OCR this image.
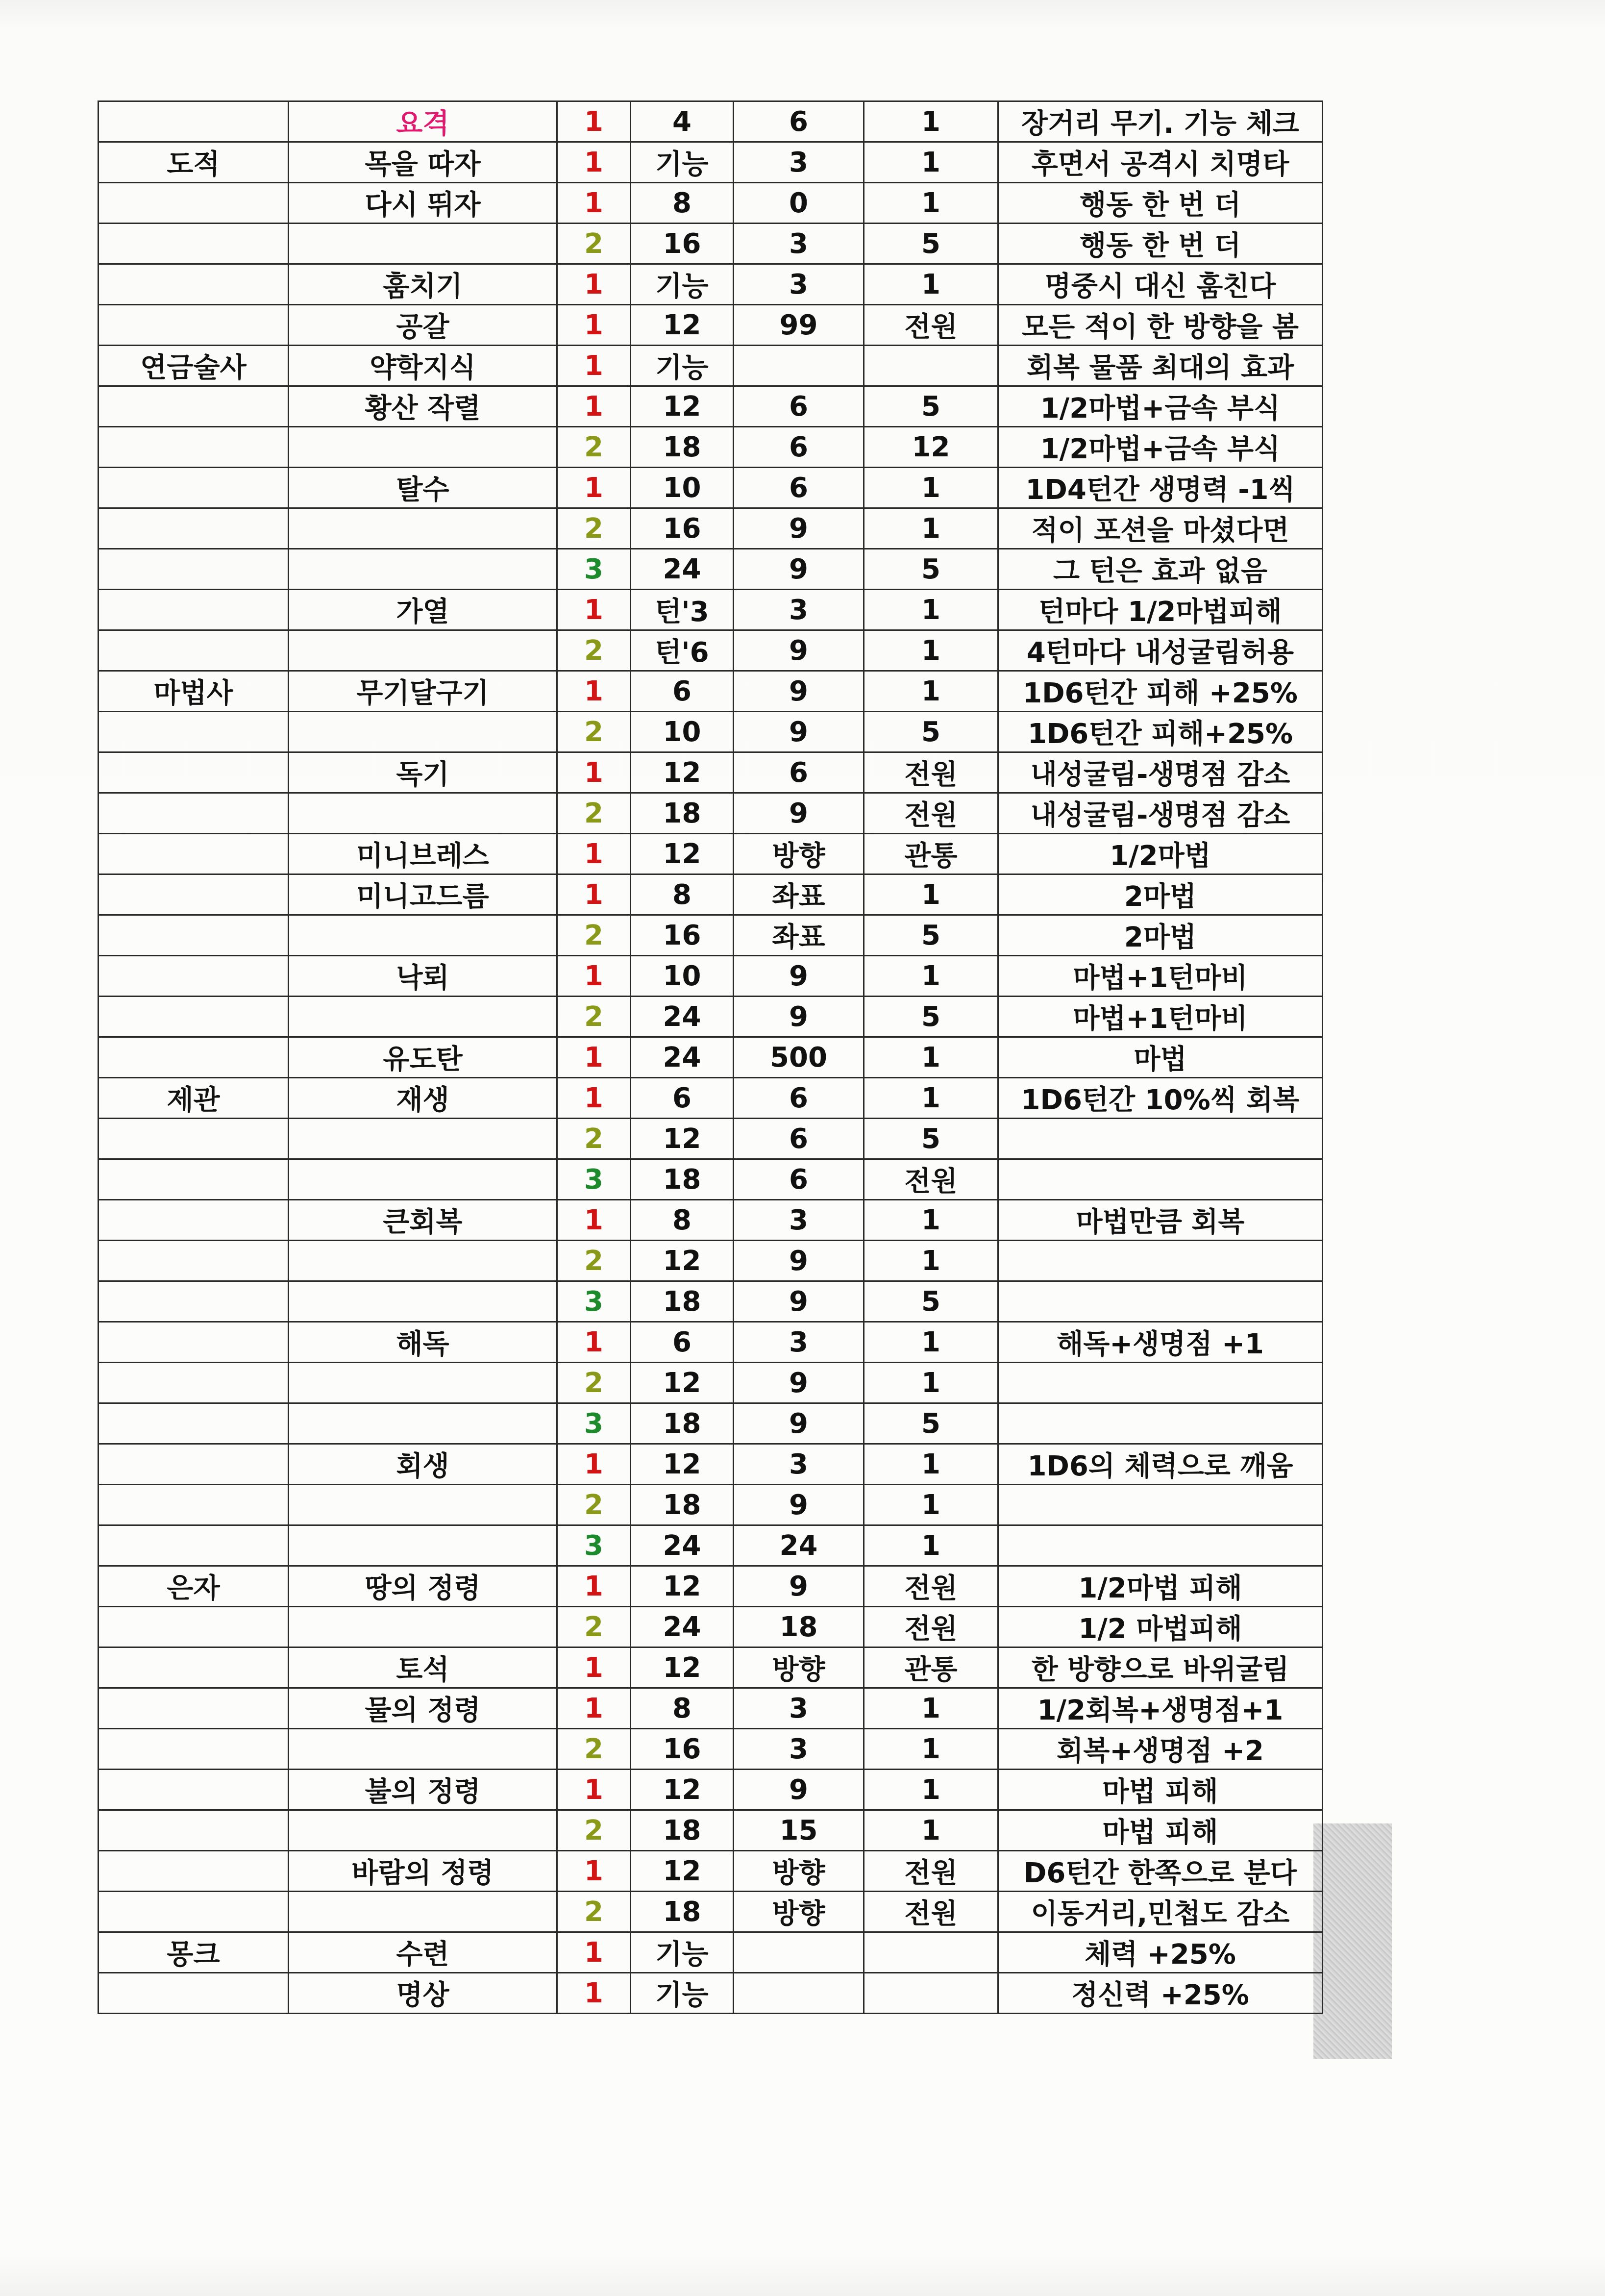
	요격	1	4	6	1	장거리 무기. 기능 체크
도적	목을 따자	1	기능	3	1	후면서 공격시 치명타
	다시 뛰자	1	8	0	1	행동 한 번 더
		2	16	3	5	행동 한 번 더
	훔치기	1	기능	3	1	명중시 대신 훔친다
	공갈	1	12	99	전원	모든 적이 한 방향을 봄
연금술사	약학지식	1	기능			회복 물품 최대의 효과
	황산 작렬	1	12	6	5	1/2마법+금속 부식
		2	18	6	12	1/2마법+금속 부식
	탈수	1	10	6	1	1D4턴간 생명력 -1씩
		2	16	9	1	적이 포션을 마셨다면
		3	24	9	5	그 턴은 효과 없음
	가열	1	턴'3	3	1	턴마다 1/2마법피해
		2	턴'6	9	1	4턴마다 내성굴림허용
마법사	무기달구기	1	6	9	1	1D6턴간 피해 +25%
		2	10	9	5	1D6턴간 피해+25%
	독기	1	12	6	전원	내성굴림-생명점 감소
		2	18	9	전원	내성굴림-생명점 감소
	미니브레스	1	12	방향	관통	1/2마법
	미니고드름	1	8	좌표	1	2마법
		2	16	좌표	5	2마법
	낙뢰	1	10	9	1	마법+1턴마비
		2	24	9	5	마법+1턴마비
	유도탄	1	24	500	1	마법
제관	재생	1	6	6	1	1D6턴간 10%씩 회복
		2	12	6	5	
		3	18	6	전원	
	큰회복	1	8	3	1	마법만큼 회복
		2	12	9	1	
		3	18	9	5	
	해독	1	6	3	1	해독+생명점 +1
		2	12	9	1	
		3	18	9	5	
	회생	1	12	3	1	1D6의 체력으로 깨움
		2	18	9	1	
		3	24	24	1	
은자	땅의 정령	1	12	9	전원	1/2마법 피해
		2	24	18	전원	1/2 마법피해
	토석	1	12	방향	관통	한 방향으로 바위굴림
	물의 정령	1	8	3	1	1/2회복+생명점+1
		2	16	3	1	회복+생명점 +2
	불의 정령	1	12	9	1	마법 피해
		2	18	15	1	마법 피해
	바람의 정령	1	12	방향	전원	D6턴간 한쪽으로 분다
		2	18	방향	전원	이동거리,민첩도 감소
몽크	수련	1	기능			체력 +25%
	명상	1	기능			정신력 +25%
